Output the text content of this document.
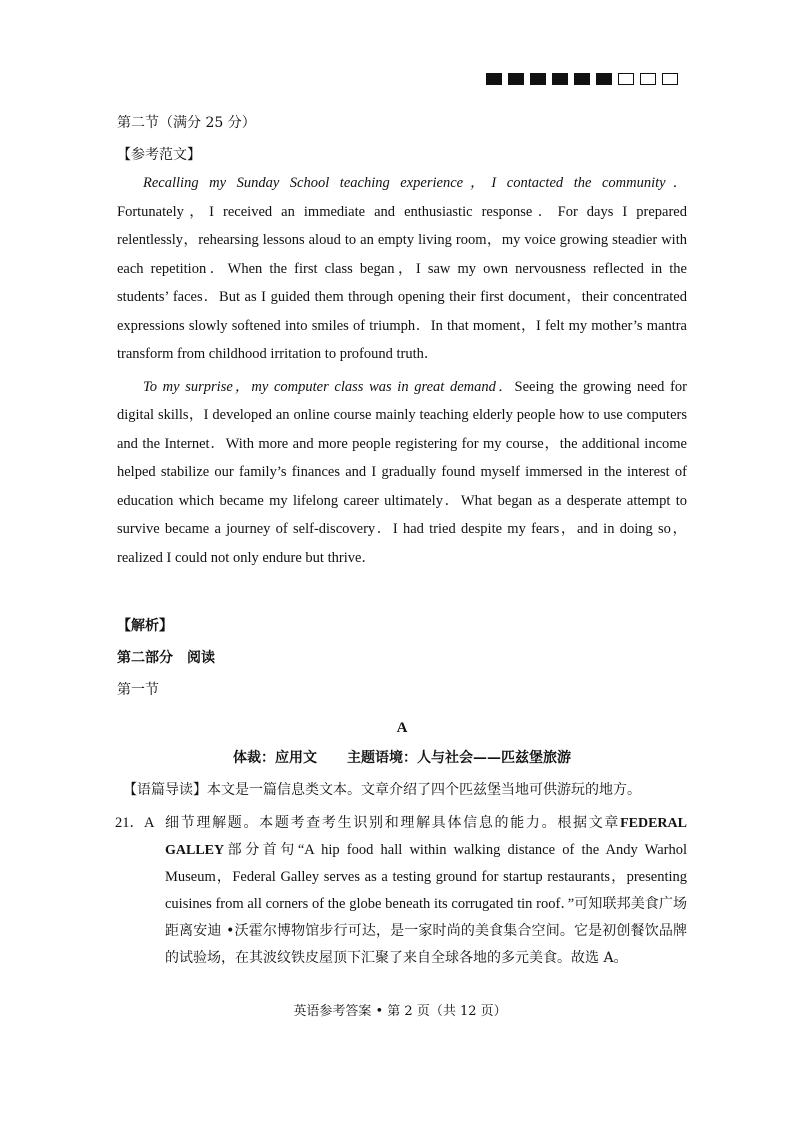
第二节（满分 25 分）
【参考范文】

Recalling my Sunday School teaching experience，I contacted the community．Fortunately，I received an immediate and enthusiastic response．For days I prepared relentlessly，rehearsing lessons aloud to an empty living room，my voice growing steadier with each repetition．When the first class began，I saw my own nervousness reflected in the students’ faces．But as I guided them through opening their first document，their concentrated expressions slowly softened into smiles of triumph．In that moment，I felt my mother’s mantra transform from childhood irritation to profound truth．

To my surprise，my computer class was in great demand．Seeing the growing need for digital skills，I developed an online course mainly teaching elderly people how to use computers and the Internet．With more and more people registering for my course，the additional income helped stabilize our family’s finances and I gradually found myself immersed in the interest of education which became my lifelong career ultimately．What began as a desperate attempt to survive became a journey of self-discovery．I had tried despite my fears，and in doing so，realized I could not only endure but thrive．

【解析】
第二部分 阅读
第一节
A
体裁：应用文 主题语境：人与社会——匹兹堡旅游
【语篇导读】本文是一篇信息类文本。文章介绍了四个匹兹堡当地可供游玩的地方。
21．A 细节理解题。本题考查考生识别和理解具体信息的能力。根据文章FEDERAL GALLEY部分首句“A hip food hall within walking distance of the Andy Warhol Museum，Federal Galley serves as a testing ground for startup restaurants，presenting cuisines from all corners of the globe beneath its corrugated tin roof．”可知联邦美食广场距离安迪 •沃霍尔博物馆步行可达，是一家时尚的美食集合空间。它是初创餐饮品牌的试验场，在其波纹铁皮屋顶下汇聚了来自全球各地的多元美食。故选 A。
英语参考答案 • 第 2 页（共 12 页）
